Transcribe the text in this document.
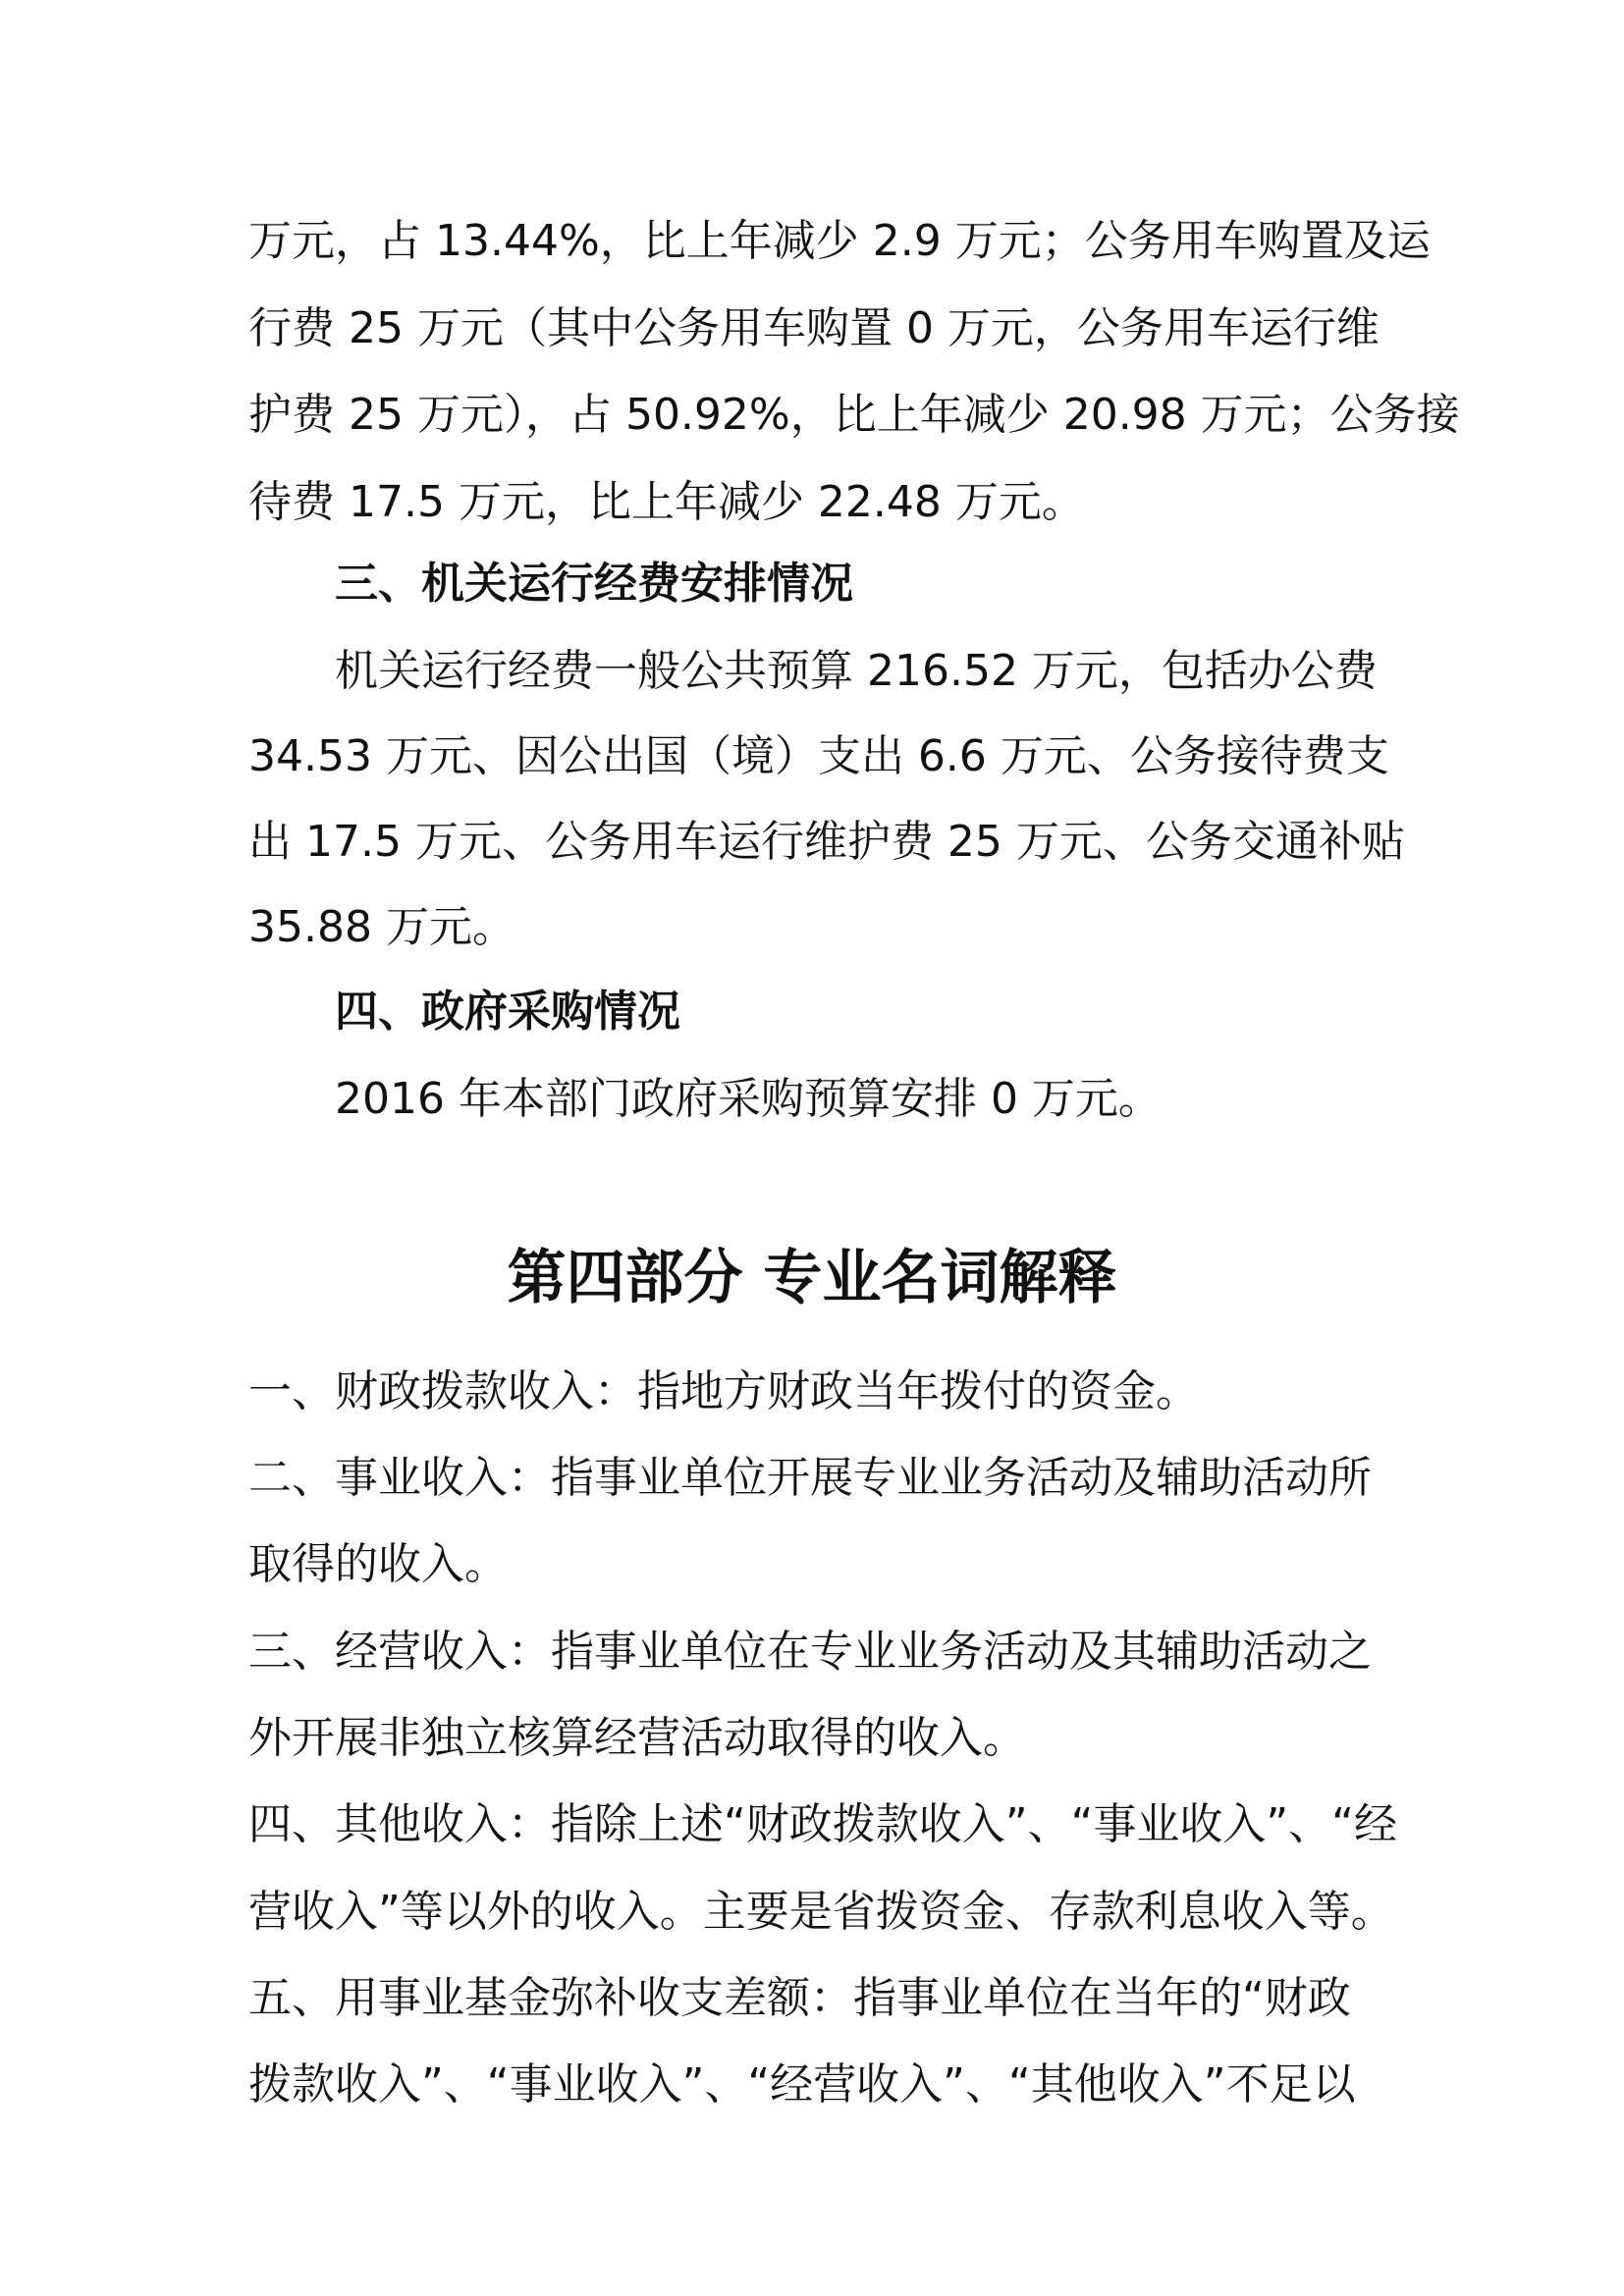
万元，占 13.44%，比上年减少 2.9 万元；公务用车购置及运
行费 25 万元（其中公务用车购置 0 万元，公务用车运行维
护费 25 万元），占 50.92%，比上年减少 20.98 万元；公务接
待费 17.5 万元，比上年减少 22.48 万元。
三、机关运行经费安排情况
机关运行经费一般公共预算 216.52 万元，包括办公费
34.53 万元、因公出国（境）支出 6.6 万元、公务接待费支
出 17.5 万元、公务用车运行维护费 25 万元、公务交通补贴
35.88 万元。
四、政府采购情况
2016 年本部门政府采购预算安排 0 万元。
第四部分 专业名词解释
一、财政拨款收入：指地方财政当年拨付的资金。
二、事业收入：指事业单位开展专业业务活动及辅助活动所
取得的收入。
三、经营收入：指事业单位在专业业务活动及其辅助活动之
外开展非独立核算经营活动取得的收入。
四、其他收入：指除上述“财政拨款收入”、“事业收入”、“经
营收入”等以外的收入。主要是省拨资金、存款利息收入等。
五、用事业基金弥补收支差额：指事业单位在当年的“财政
拨款收入”、“事业收入”、“经营收入”、“其他收入”不足以
